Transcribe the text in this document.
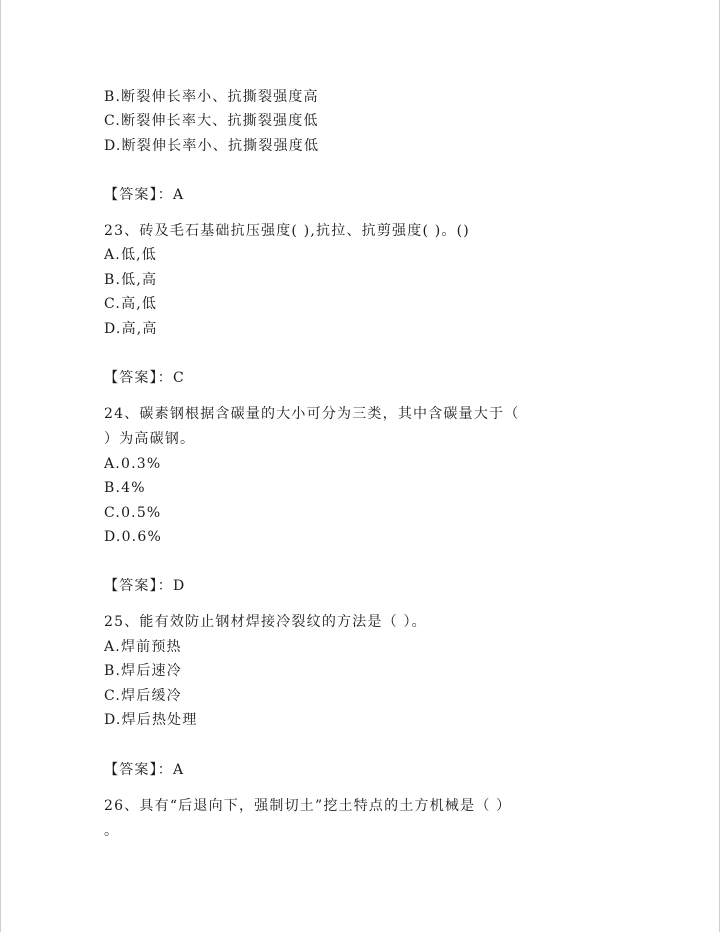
B.断裂伸长率小、抗撕裂强度高
C.断裂伸长率大、抗撕裂强度低
D.断裂伸长率小、抗撕裂强度低
【答案】：A
23、砖及毛石基础抗压强度( ),抗拉、抗剪强度( )。()
A.低,低
B.低,高
C.高,低
D.高,高
【答案】：C
24、碳素钢根据含碳量的大小可分为三类，其中含碳量大于（
）为高碳钢。
A.0.3%
B.4%
C.0.5%
D.0.6%
【答案】：D
25、能有效防止钢材焊接冷裂纹的方法是（ ）。
A.焊前预热
B.焊后速冷
C.焊后缓冷
D.焊后热处理
【答案】：A
26、具有“后退向下，强制切土”挖土特点的土方机械是（ ）
。
